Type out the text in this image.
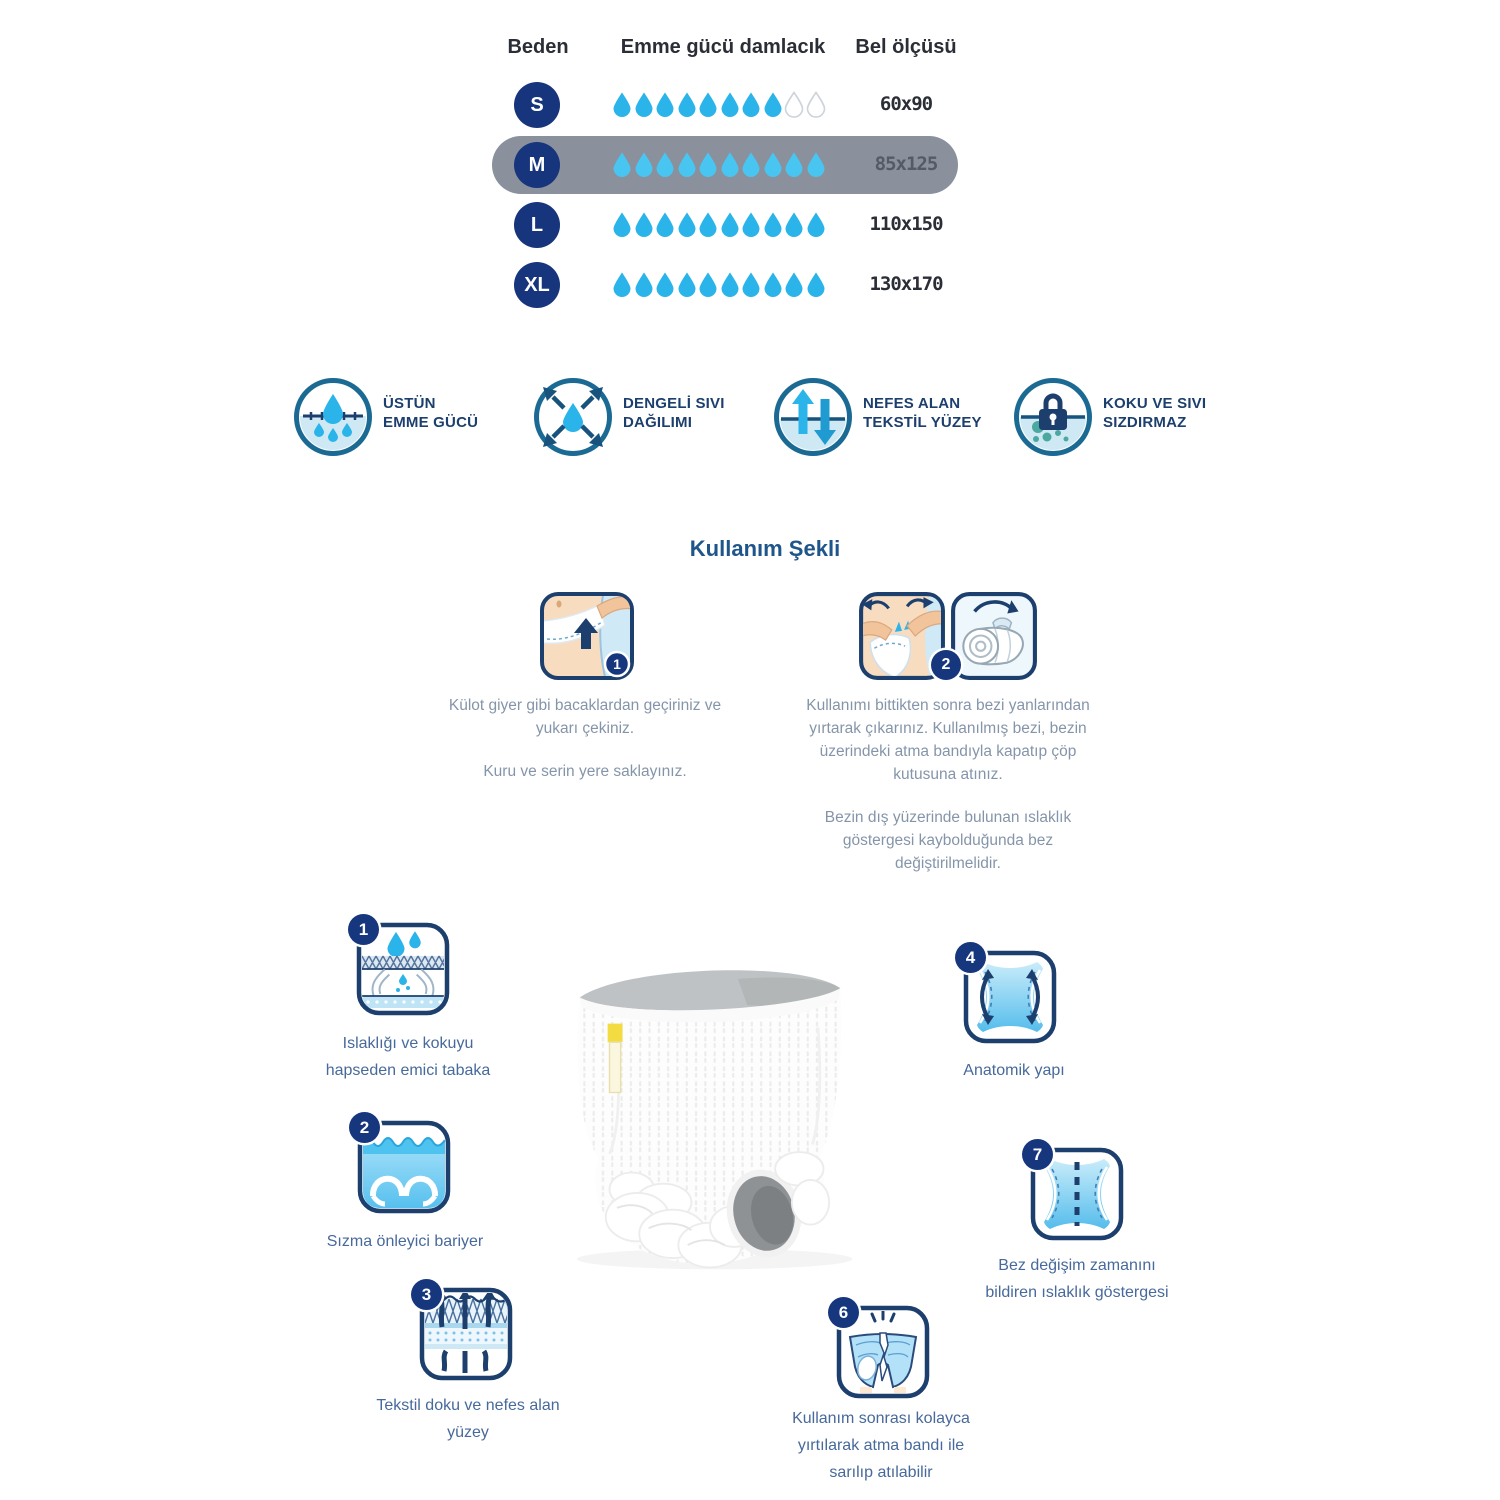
Beden	Emme gücü damlacık	Bel ölçüsü
S	60x90
M	85x125
L	110x150
XL	130x170
ÜSTÜN
EMME GÜCÜ
DENGELİ SIVI
DAĞILIMI
NEFES ALAN
TEKSTİL YÜZEY
KOKU VE SIVI
SIZDIRMAZ
Kullanım Şekli
1	2
Külot giyer gibi bacaklardan geçiriniz ve
yukarı çekiniz.
Kuru ve serin yere saklayınız.
Kullanımı bittikten sonra bezi yanlarından
yırtarak çıkarınız. Kullanılmış bezi, bezin
üzerindeki atma bandıyla kapatıp çöp
kutusuna atınız.
Bezin dış yüzerinde bulunan ıslaklık
göstergesi kaybolduğunda bez
değiştirilmelidir.
1
Islaklığı ve kokuyu
hapseden emici tabaka
2
Sızma önleyici bariyer
3
Tekstil doku ve nefes alan
yüzey
4
Anatomik yapı
7
Bez değişim zamanını
bildiren ıslaklık göstergesi
6
Kullanım sonrası kolayca
yırtılarak atma bandı ile
sarılıp atılabilir
